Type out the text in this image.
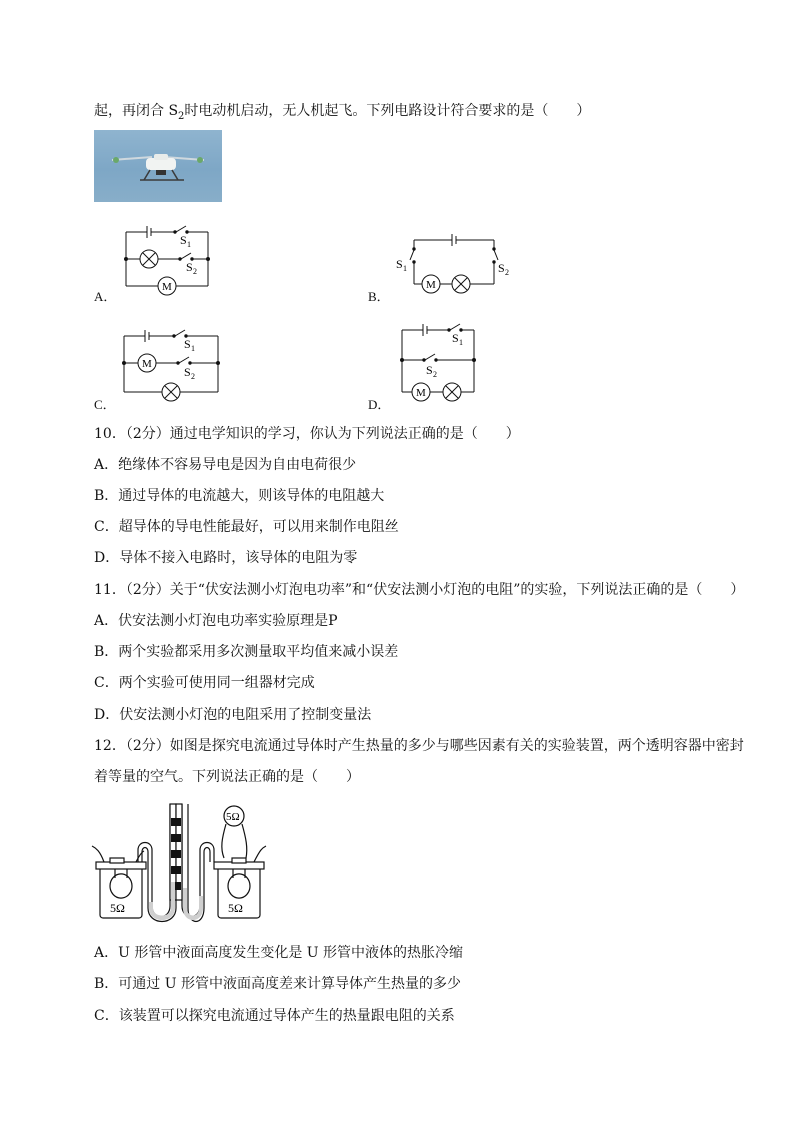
起，再闭合 $S_2$时电动机启动，无人机起飞。下列电路设计符合要求的是（　　）
M
S 1
S 2
A．
M
S 1	S 2
B．
M
S 1
S 2
C．
M
S 1
S 2
D．
10．（2分）通过电学知识的学习，你认为下列说法正确的是（　　）
A．绝缘体不容易导电是因为自由电荷很少
B．通过导体的电流越大，则该导体的电阻越大
C．超导体的导电性能最好，可以用来制作电阻丝
D．导体不接入电路时，该导体的电阻为零
11．（2分）关于“伏安法测小灯泡电功率”和“伏安法测小灯泡的电阻”的实验，下列说法正确的是（　　）
A．伏安法测小灯泡电功率实验原理是P
B．两个实验都采用多次测量取平均值来减小误差
C．两个实验可使用同一组器材完成
D．伏安法测小灯泡的电阻采用了控制变量法
12．（2分）如图是探究电流通过导体时产生热量的多少与哪些因素有关的实验装置，两个透明容器中密封
着等量的空气。下列说法正确的是（　　）
5Ω
5Ω	5Ω
A．U 形管中液面高度发生变化是 U 形管中液体的热胀冷缩
B．可通过 U 形管中液面高度差来计算导体产生热量的多少
C．该装置可以探究电流通过导体产生的热量跟电阻的关系
